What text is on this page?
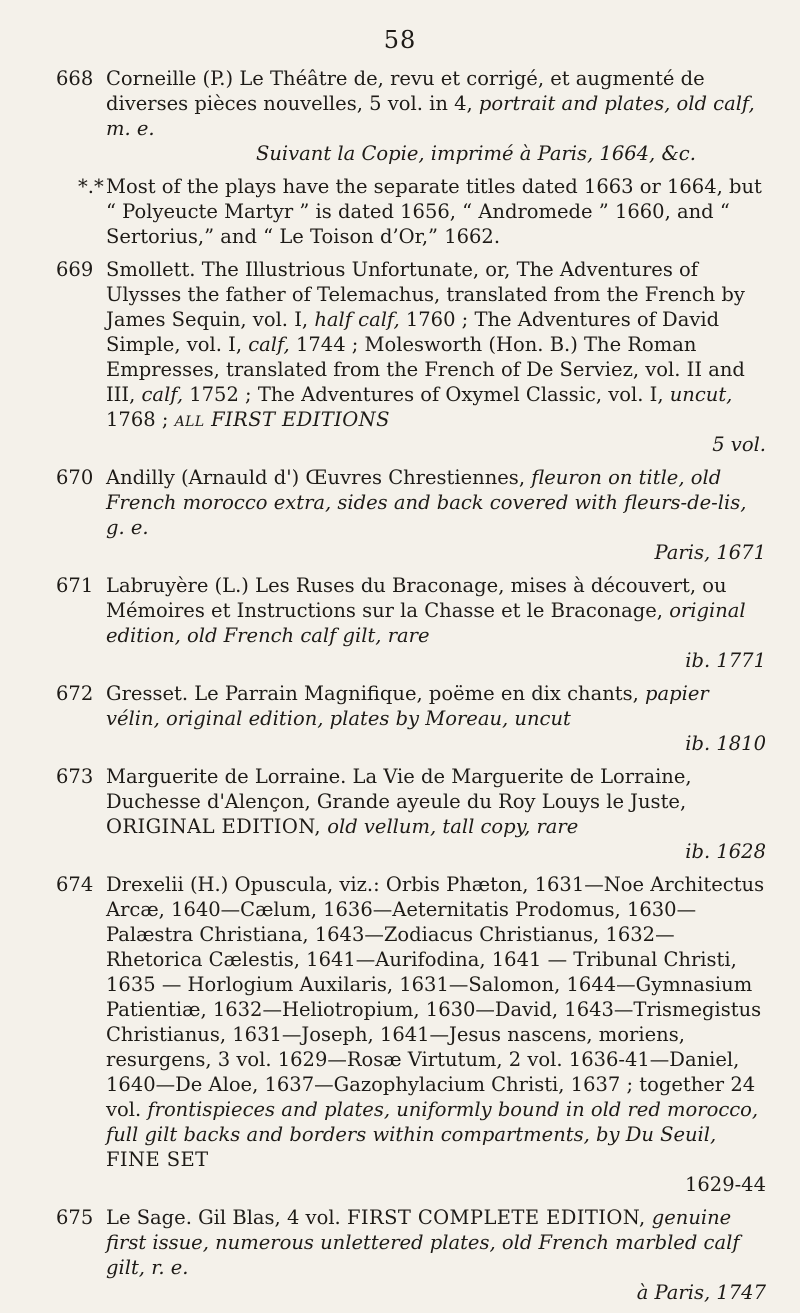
58
668 Corneille (P.) Le Théâtre de, revu et corrigé, et augmenté de diverses pièces nouvelles, 5 vol. in 4, portrait and plates, old calf, m. e.
Suivant la Copie, imprimé à Paris, 1664, &c.
*.* Most of the plays have the separate titles dated 1663 or 1664, but “ Polyeucte Martyr ” is dated 1656, “ Andromede ” 1660, and “ Sertorius,” and “ Le Toison d’Or,” 1662.
669 Smollett. The Illustrious Unfortunate, or, The Adventures of Ulysses the father of Telemachus, translated from the French by James Sequin, vol. I, half calf, 1760 ; The Adventures of David Simple, vol. I, calf, 1744 ; Molesworth (Hon. B.) The Roman Empresses, translated from the French of De Serviez, vol. II and III, calf, 1752 ; The Adventures of Oxymel Classic, vol. I, uncut, 1768 ; all FIRST EDITIONS
5 vol.
670 Andilly (Arnauld d') Œuvres Chrestiennes, fleuron on title, old French morocco extra, sides and back covered with fleurs-de-lis, g. e.
Paris, 1671
671 Labruyère (L.) Les Ruses du Braconage, mises à découvert, ou Mémoires et Instructions sur la Chasse et le Braconage, original edition, old French calf gilt, rare
ib. 1771
672 Gresset. Le Parrain Magnifique, poëme en dix chants, papier vélin, original edition, plates by Moreau, uncut
ib. 1810
673 Marguerite de Lorraine. La Vie de Marguerite de Lorraine, Duchesse d'Alençon, Grande ayeule du Roy Louys le Juste, ORIGINAL EDITION, old vellum, tall copy, rare
ib. 1628
674 Drexelii (H.) Opuscula, viz.: Orbis Phæton, 1631—Noe Architectus Arcæ, 1640—Cælum, 1636—Aeternitatis Prodomus, 1630—Palæstra Christiana, 1643—Zodiacus Christianus, 1632—Rhetorica Cælestis, 1641—Aurifodina, 1641 — Tribunal Christi, 1635 — Horlogium Auxilaris, 1631—Salomon, 1644—Gymnasium Patientiæ, 1632—Heliotropium, 1630—David, 1643—Trismegistus Christianus, 1631—Joseph, 1641—Jesus nascens, moriens, resurgens, 3 vol. 1629—Rosæ Virtutum, 2 vol. 1636-41—Daniel, 1640—De Aloe, 1637—Gazophylacium Christi, 1637 ; together 24 vol. frontispieces and plates, uniformly bound in old red morocco, full gilt backs and borders within compartments, by Du Seuil, FINE SET
1629-44
675 Le Sage. Gil Blas, 4 vol. FIRST COMPLETE EDITION, genuine first issue, numerous unlettered plates, old French marbled calf gilt, r. e.
à Paris, 1747
